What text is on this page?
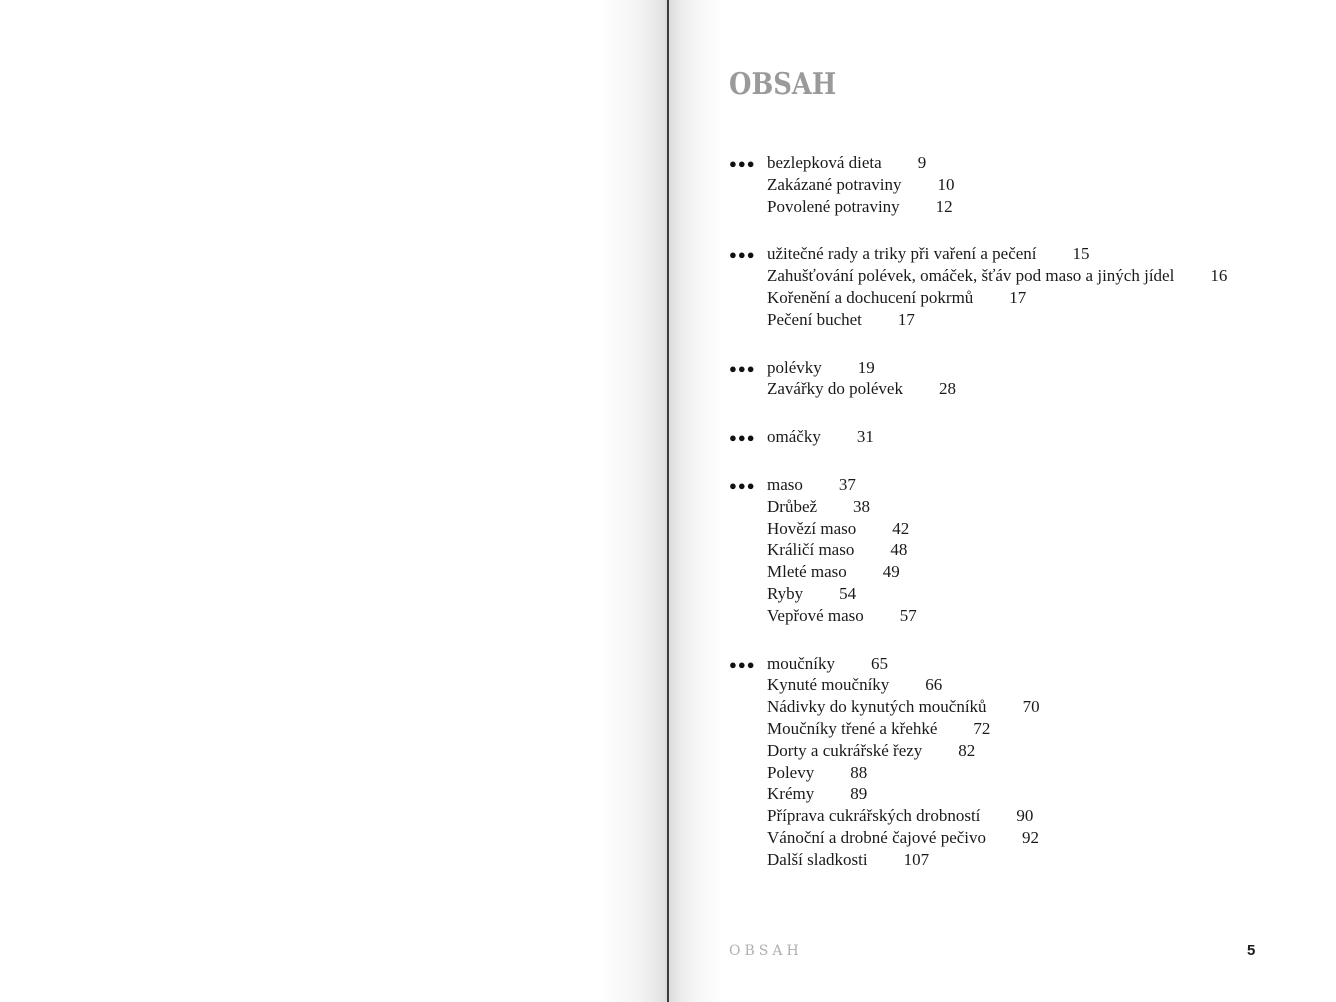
OBSAH
●●● bezlepková dieta 9
Zakázané potraviny 10
Povolené potraviny 12
●●● užitečné rady a triky při vaření a pečení 15
Zahušťování polévek, omáček, šťáv pod maso a jiných jídel 16
Kořenění a dochucení pokrmů 17
Pečení buchet 17
●●● polévky 19
Zavářky do polévek 28
●●● omáčky 31
●●● maso 37
Drůbež 38
Hovězí maso 42
Králičí maso 48
Mleté maso 49
Ryby 54
Vepřové maso 57
●●● moučníky 65
Kynuté moučníky 66
Nádivky do kynutých moučníků 70
Moučníky třené a křehké 72
Dorty a cukrářské řezy 82
Polevy 88
Krémy 89
Příprava cukrářských drobností 90
Vánoční a drobné čajové pečivo 92
Další sladkosti 107
OBSAH	5
